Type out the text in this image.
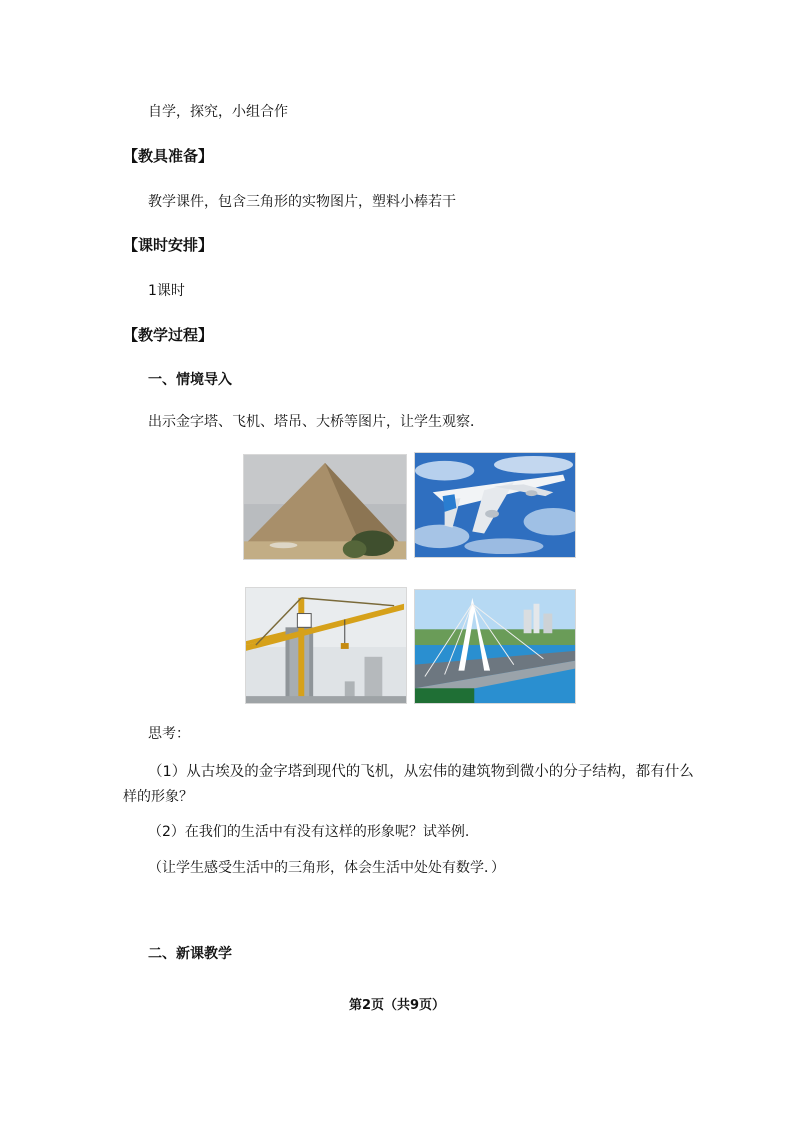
自学，探究，小组合作
【教具准备】
教学课件，包含三角形的实物图片，塑料小棒若干
【课时安排】
1课时
【教学过程】
一、情境导入
出示金字塔、飞机、塔吊、大桥等图片，让学生观察．
思考：
（1）从古埃及的金字塔到现代的飞机，从宏伟的建筑物到微小的分子结构，都有什么
样的形象？
（2）在我们的生活中有没有这样的形象呢？试举例.
（让学生感受生活中的三角形，体会生活中处处有数学．）
二、新课教学
第2页（共9页）
